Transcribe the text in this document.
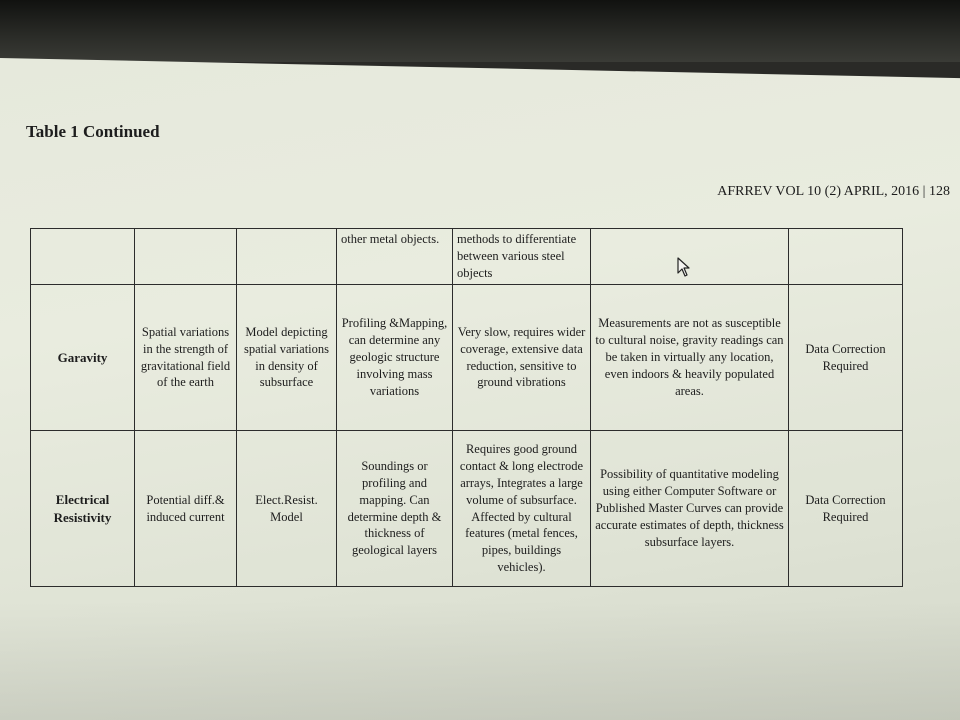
Table 1 Continued
AFRREV VOL 10 (2) APRIL, 2016 | 128
			other metal objects.	methods to differentiate between various steel objects		
Garavity	Spatial variations in the strength of gravitational field of the earth	Model depicting spatial variations in density of subsurface	Profiling &Mapping, can determine any geologic structure involving mass variations	Very slow, requires wider coverage, extensive data reduction, sensitive to ground vibrations	Measurements are not as susceptible to cultural noise, gravity readings can be taken in virtually any location, even indoors & heavily populated areas.	Data Correction Required
Electrical Resistivity	Potential diff.& induced current	Elect.Resist. Model	Soundings or profiling and mapping. Can determine depth & thickness of geological layers	Requires good ground contact & long electrode arrays, Integrates a large volume of subsurface. Affected by cultural features (metal fences, pipes, buildings vehicles).	Possibility of quantitative modeling using either Computer Software or Published Master Curves can provide accurate estimates of depth, thickness subsurface layers.	Data Correction Required
